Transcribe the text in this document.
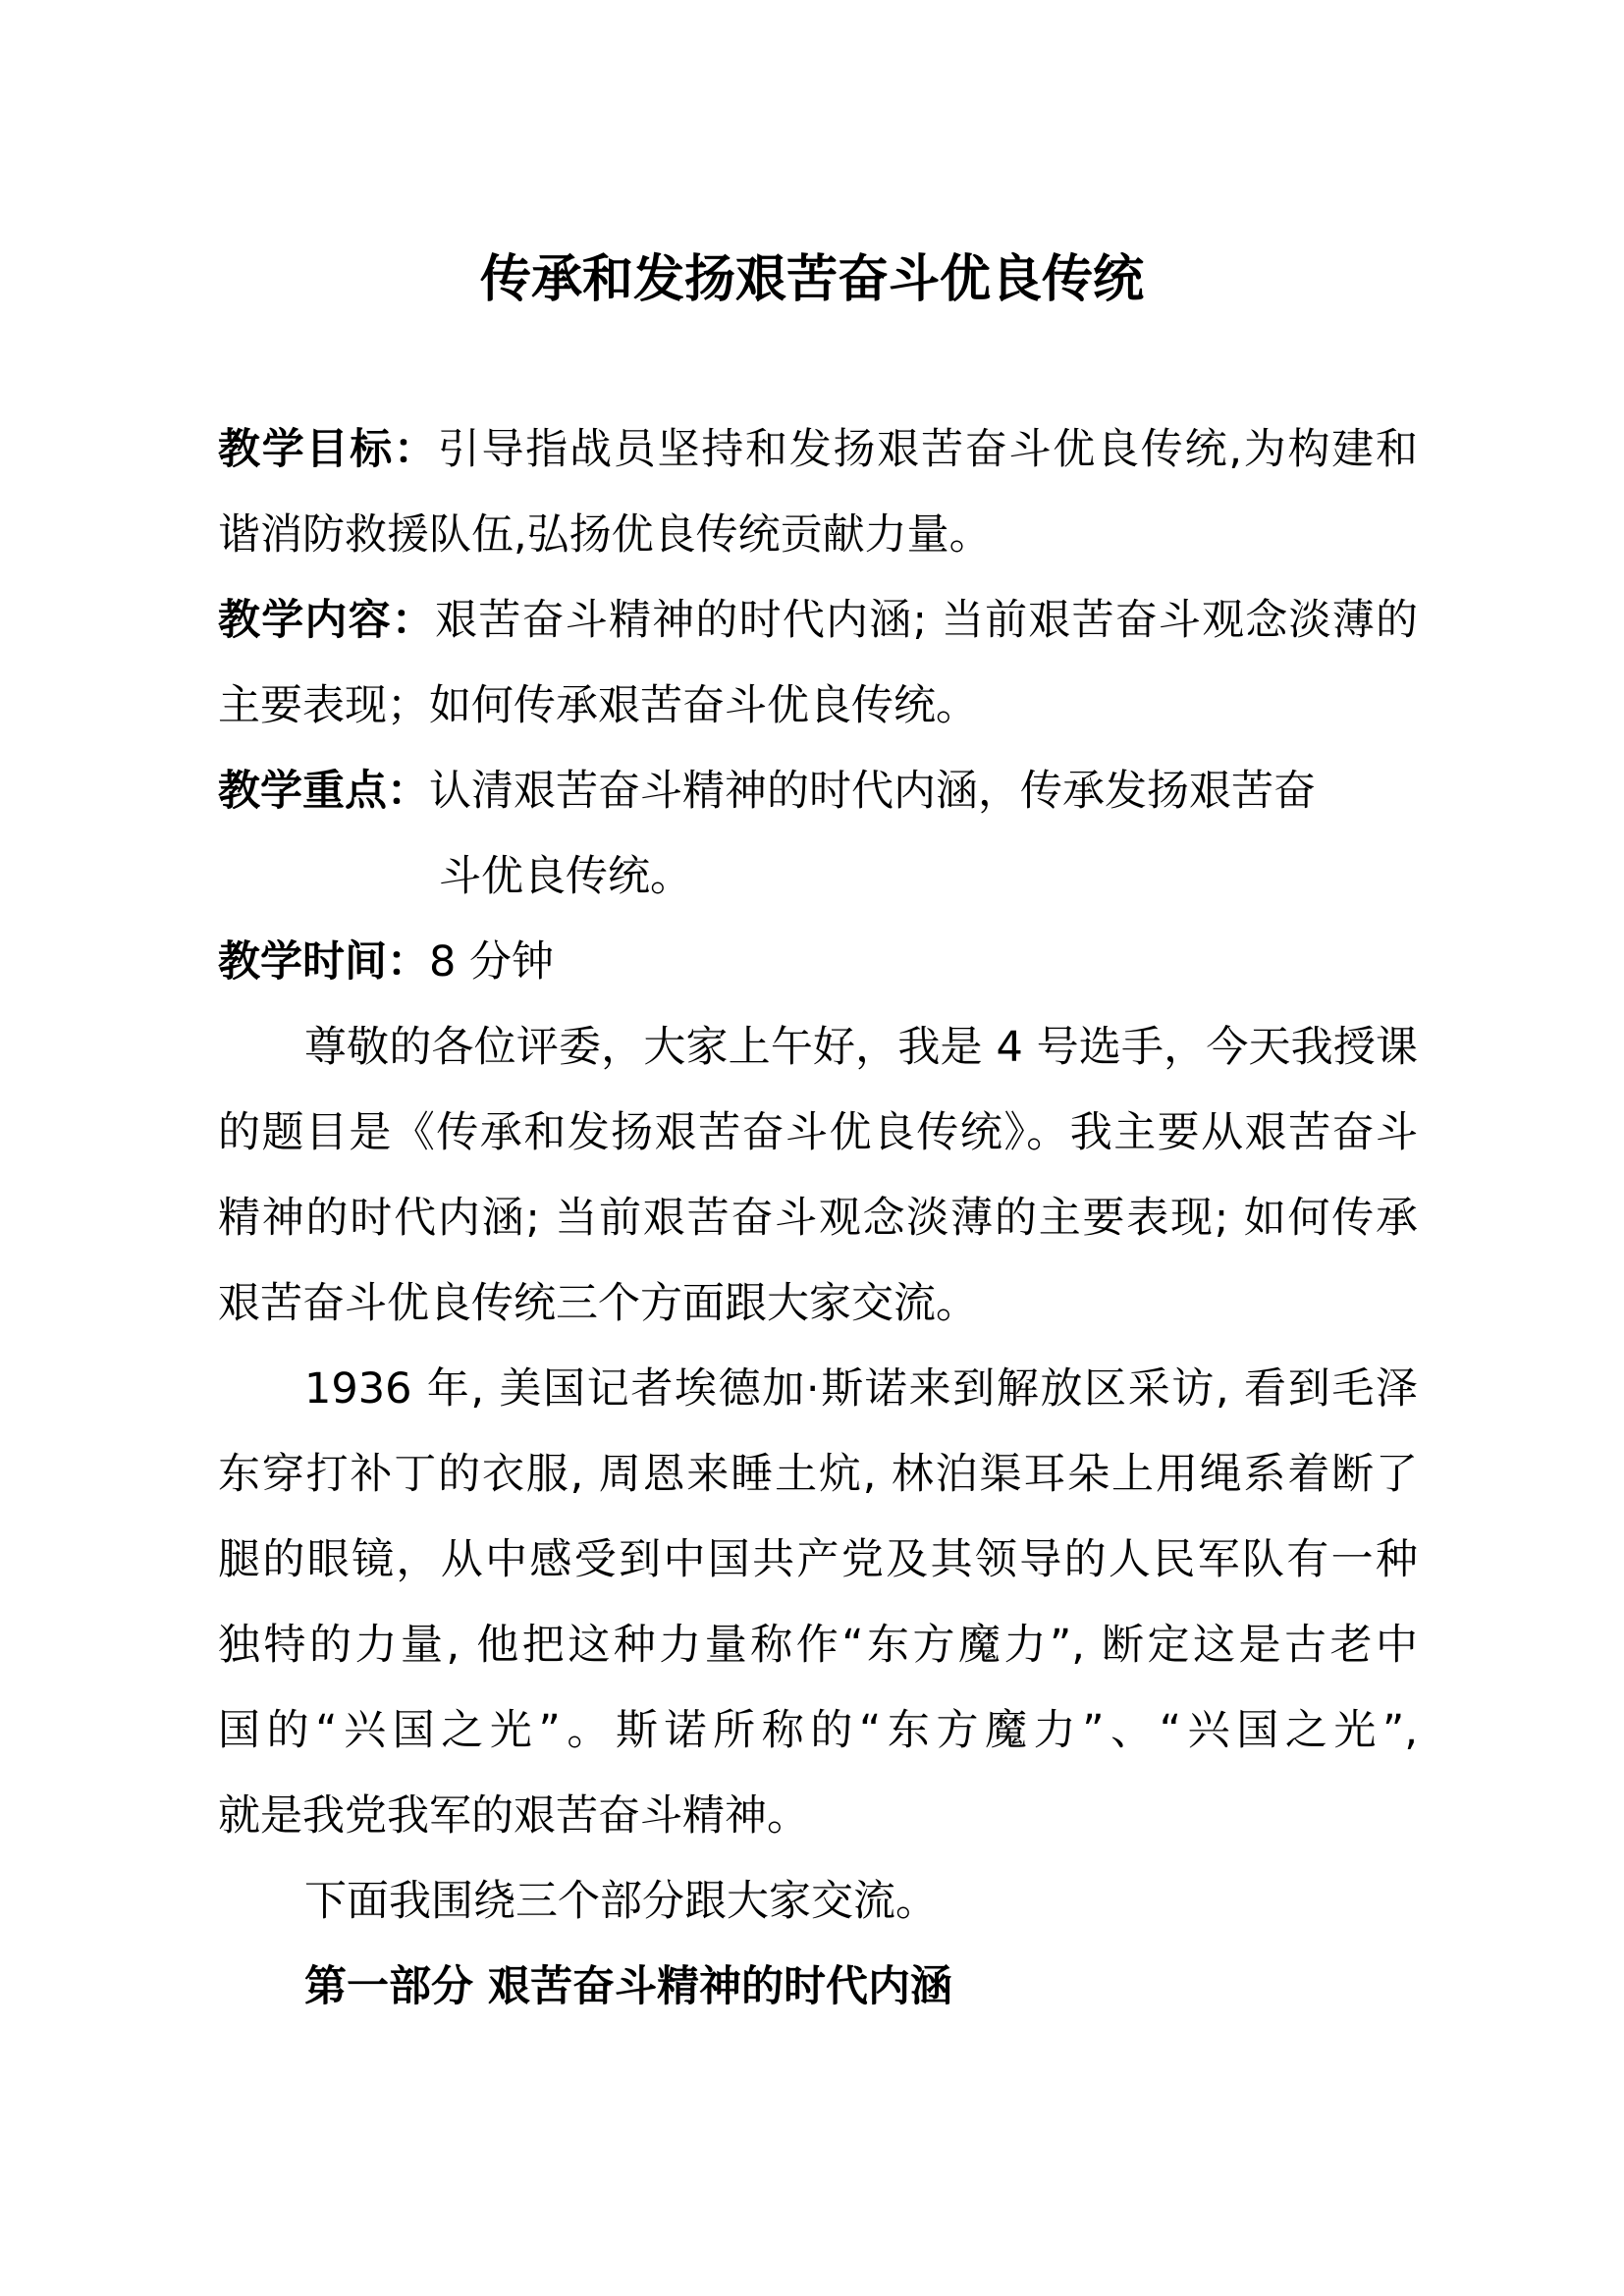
传承和发扬艰苦奋斗优良传统
教学目标：引导指战员坚持和发扬艰苦奋斗优良传统,为构建和
谐消防救援队伍,弘扬优良传统贡献力量。
教学内容：艰苦奋斗精神的时代内涵; 当前艰苦奋斗观念淡薄的
主要表现；如何传承艰苦奋斗优良传统。
教学重点：认清艰苦奋斗精神的时代内涵，传承发扬艰苦奋
斗优良传统。
教学时间：8 分钟
尊敬的各位评委，大家上午好，我是 4 号选手，今天我授课
的题目是《传承和发扬艰苦奋斗优良传统》。我主要从艰苦奋斗
精神的时代内涵; 当前艰苦奋斗观念淡薄的主要表现; 如何传承
艰苦奋斗优良传统三个方面跟大家交流。
1936 年, 美国记者埃德加·斯诺来到解放区采访, 看到毛泽
东穿打补丁的衣服, 周恩来睡土炕, 林泊渠耳朵上用绳系着断了
腿的眼镜，从中感受到中国共产党及其领导的人民军队有一种
独特的力量, 他把这种力量称作“东方魔力”, 断定这是古老中
国的“兴国之光”。斯诺所称的“东方魔力”、“兴国之光”,
就是我党我军的艰苦奋斗精神。
下面我围绕三个部分跟大家交流。
第一部分 艰苦奋斗精神的时代内涵
